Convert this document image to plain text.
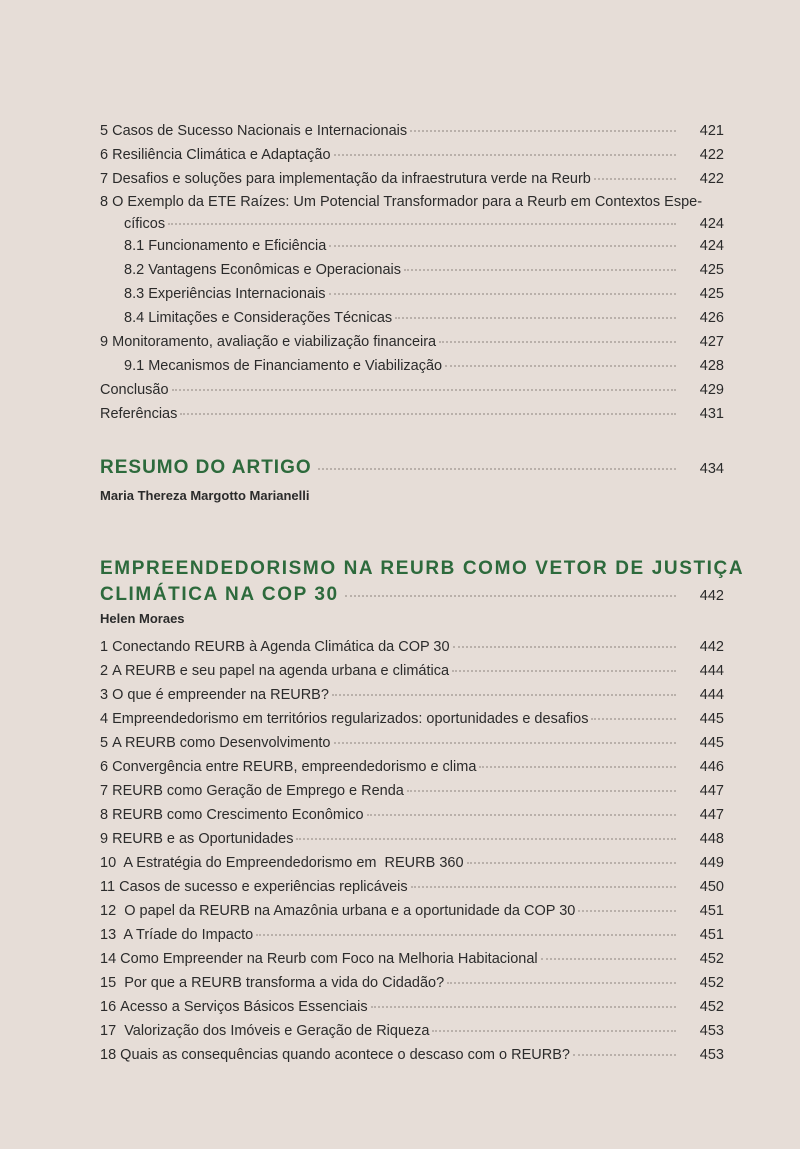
5
Casos de Sucesso Nacionais e Internacionais	421
6
Resiliência Climática e Adaptação	422
7
Desafios e soluções para implementação da infraestrutura verde na Reurb	422
8 O Exemplo da ETE Raízes: Um Potencial Transformador para a Reurb em Contextos Espe-
cíficos	424
8.1
Funcionamento e Eficiência	424
8.2
Vantagens Econômicas e Operacionais	425
8.3
Experiências Internacionais	425
8.4
Limitações e Considerações Técnicas	426
9
Monitoramento, avaliação e viabilização financeira	427
9.1
Mecanismos de Financiamento e Viabilização	428
Conclusão	429
Referências	431
RESUMO DO ARTIGO	434
Maria Thereza Margotto Marianelli
EMPREENDEDORISMO NA REURB COMO VETOR DE JUSTIÇA
CLIMÁTICA NA COP 30	442
Helen Moraes
1
Conectando REURB à Agenda Climática da COP 30	442
2
A REURB e seu papel na agenda urbana e climática	444
3
O que é empreender na REURB?	444
4
Empreendedorismo em territórios regularizados: oportunidades e desafios	445
5
A REURB como Desenvolvimento	445
6
Convergência entre REURB, empreendedorismo e clima	446
7
REURB como Geração de Emprego e Renda	447
8
REURB como Crescimento Econômico	447
9
REURB e as Oportunidades	448
10
A Estratégia do Empreendedorismo em  REURB 360	449
11
Casos de sucesso e experiências replicáveis	450
12
O papel da REURB na Amazônia urbana e a oportunidade da COP 30	451
13
A Tríade do Impacto	451
14
Como Empreender na Reurb com Foco na Melhoria Habitacional	452
15
Por que a REURB transforma a vida do Cidadão?	452
16
Acesso a Serviços Básicos Essenciais	452
17
Valorização dos Imóveis e Geração de Riqueza	453
18
Quais as consequências quando acontece o descaso com o REURB?	453
